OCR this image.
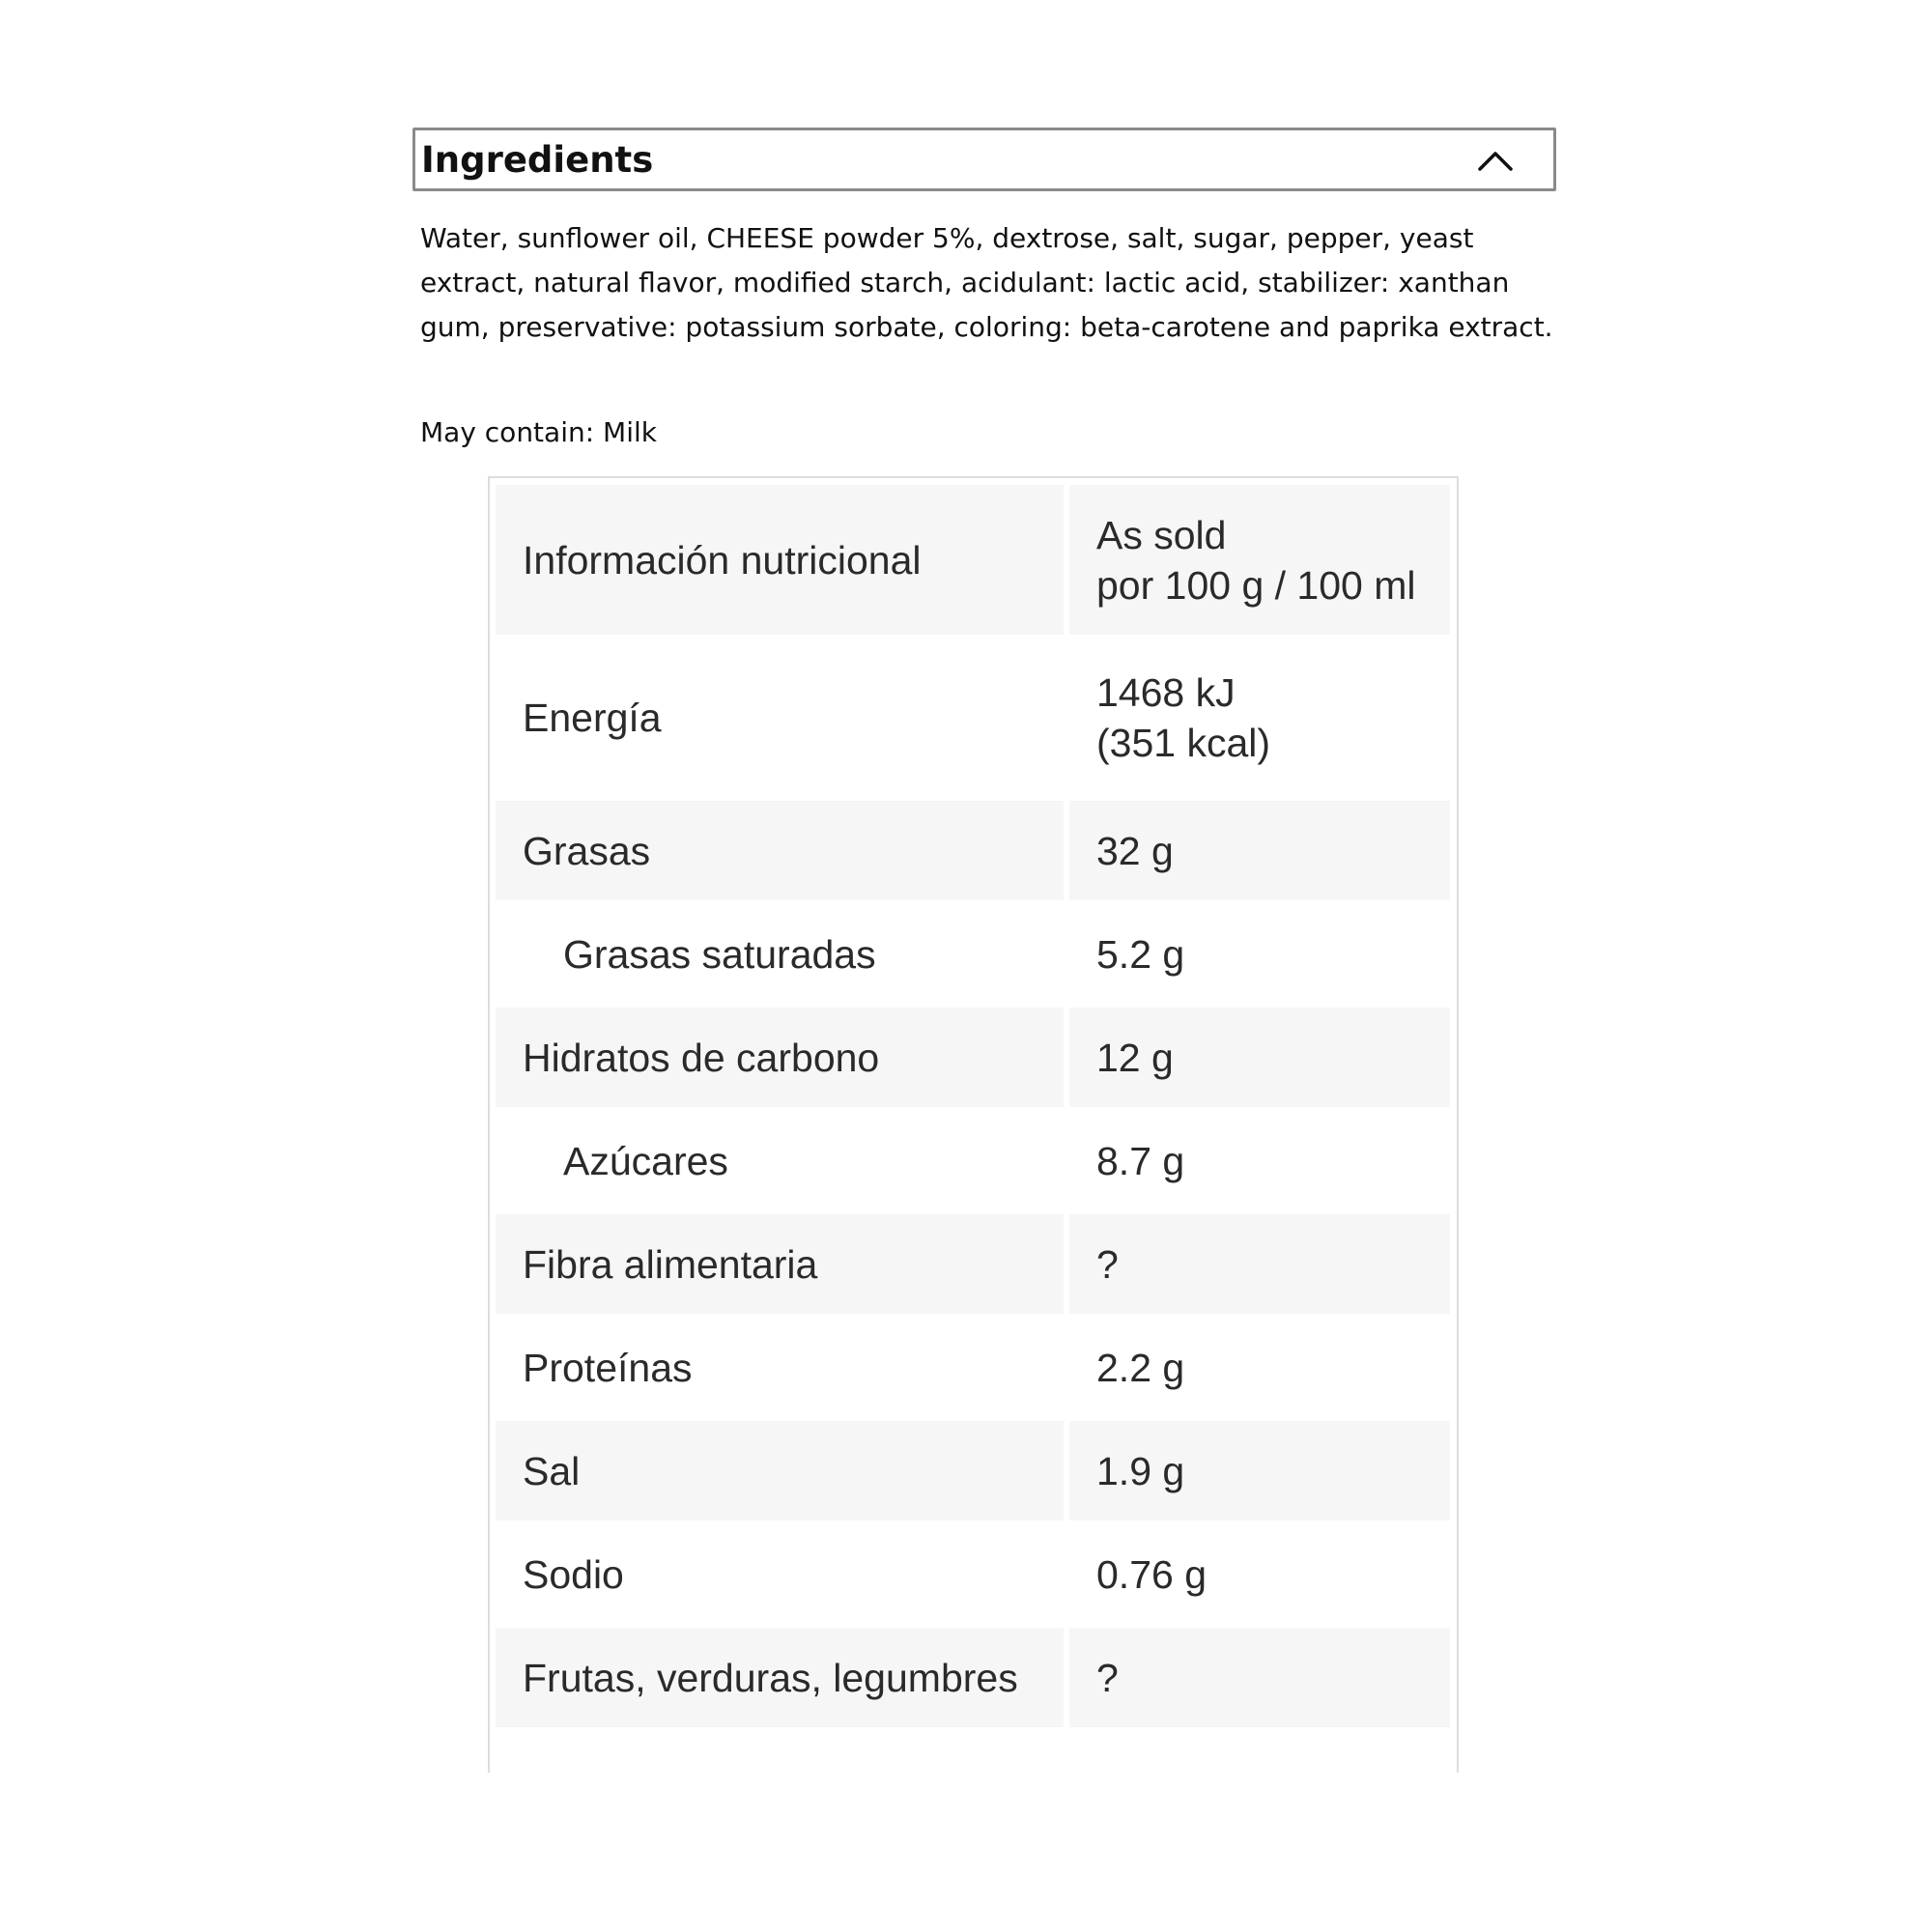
Ingredients
Water, sunflower oil, CHEESE powder 5%, dextrose, salt, sugar, pepper, yeast extract, natural flavor, modified starch, acidulant: lactic acid, stabilizer: xanthan gum, preservative: potassium sorbate, coloring: beta-carotene and paprika extract.
May contain: Milk
Información nutricional	As sold
por 100 g / 100 ml
Energía	1468 kJ
(351 kcal)
Grasas	32 g
Grasas saturadas	5.2 g
Hidratos de carbono	12 g
Azúcares	8.7 g
Fibra alimentaria	?
Proteínas	2.2 g
Sal	1.9 g
Sodio	0.76 g
Frutas, verduras, legumbres	?
